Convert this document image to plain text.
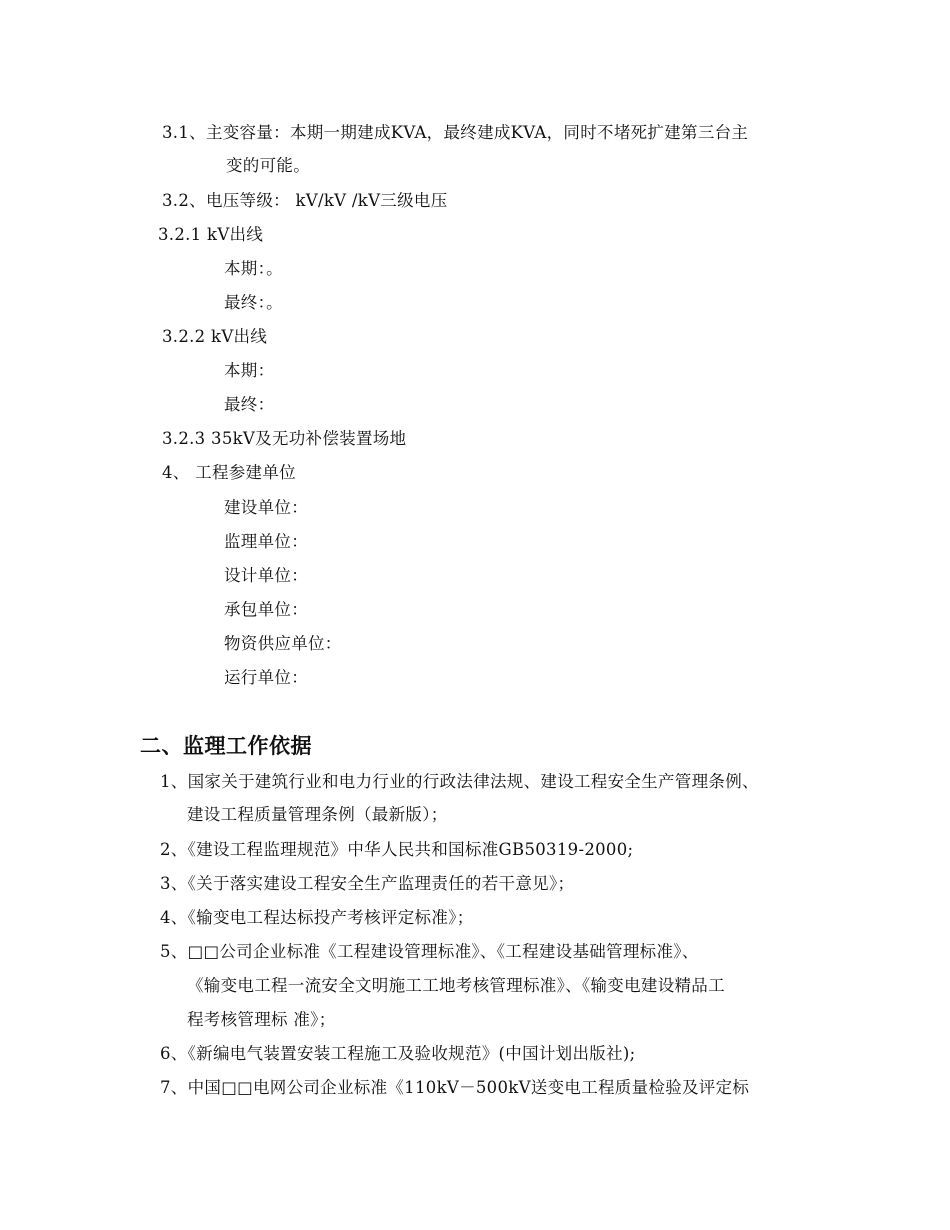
3.1、主变容量：本期一期建成KVA，最终建成KVA，同时不堵死扩建第三台主
变的可能。
3.2、电压等级： kV/kV /kV三级电压
3.2.1 kV出线
本期：。
最终：。
3.2.2 kV出线
本期：
最终：
3.2.3 35kV及无功补偿装置场地
4、 工程参建单位
建设单位：
监理单位：
设计单位：
承包单位：
物资供应单位：
运行单位：
二、监理工作依据
1、国家关于建筑行业和电力行业的行政法律法规、建设工程安全生产管理条例、
建设工程质量管理条例（最新版）；
2、《建设工程监理规范》中华人民共和国标准GB50319-2000;
3、《关于落实建设工程安全生产监理责任的若干意见》；
4、《输变电工程达标投产考核评定标准》；
5、□□公司企业标准《工程建设管理标准》、《工程建设基础管理标准》、
《输变电工程一流安全文明施工工地考核管理标准》、《输变电建设精品工
程考核管理标 准》；
6、《新编电气装置安装工程施工及验收规范》(中国计划出版社);
7、中国□□电网公司企业标准《110kV－500kV送变电工程质量检验及评定标
